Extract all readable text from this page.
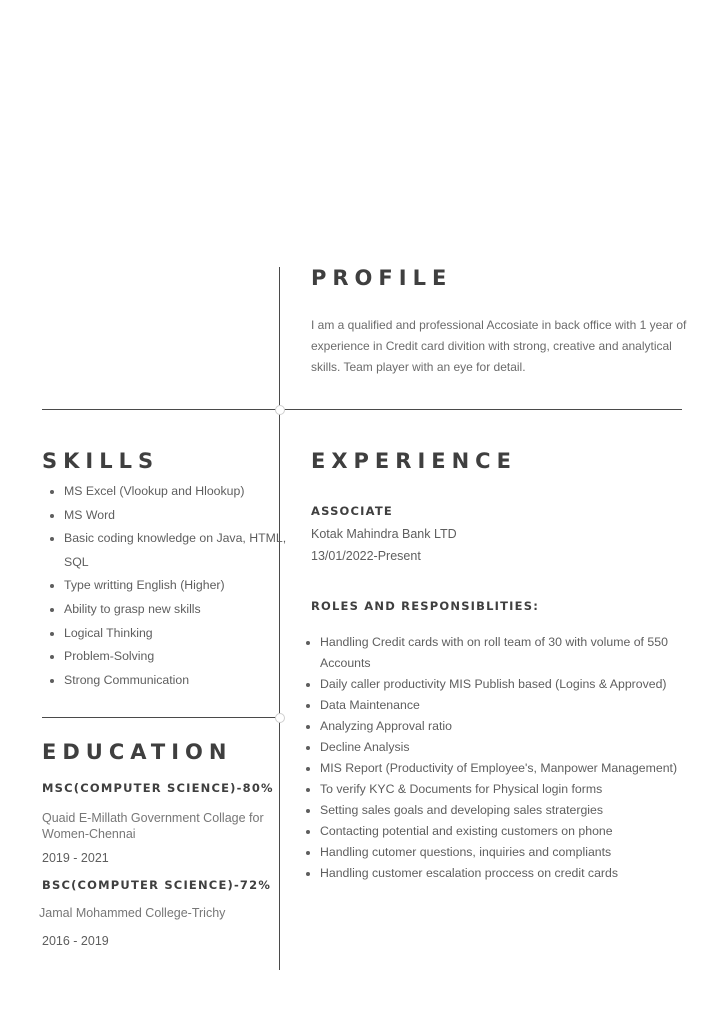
PROFILE
I am a qualified and professional Accosiate in back office with 1 year of experience in Credit card divition with strong, creative and analytical skills. Team player with an eye for detail.
SKILLS
• MS Excel (Vlookup and Hlookup)
• MS Word
• Basic coding knowledge on Java, HTML, SQL
• Type writting English (Higher)
• Ability to grasp new skills
• Logical Thinking
• Problem-Solving
• Strong Communication
EXPERIENCE
ASSOCIATE
Kotak Mahindra Bank LTD
13/01/2022-Present
ROLES AND RESPONSIBLITIES:
• Handling Credit cards with on roll team of 30 with volume of 550 Accounts
• Daily caller productivity MIS Publish based (Logins & Approved)
• Data Maintenance
• Analyzing Approval ratio
• Decline Analysis
• MIS Report (Productivity of Employee's, Manpower Management)
• To verify KYC & Documents for Physical login forms
• Setting sales goals and developing sales stratergies
• Contacting potential and existing customers on phone
• Handling cutomer questions, inquiries and compliants
• Handling customer escalation proccess on credit cards
EDUCATION
MSC(COMPUTER SCIENCE)-80%
Quaid E-Millath Government Collage for Women-Chennai
2019 - 2021
BSC(COMPUTER SCIENCE)-72%
Jamal Mohammed College-Trichy
2016 - 2019
